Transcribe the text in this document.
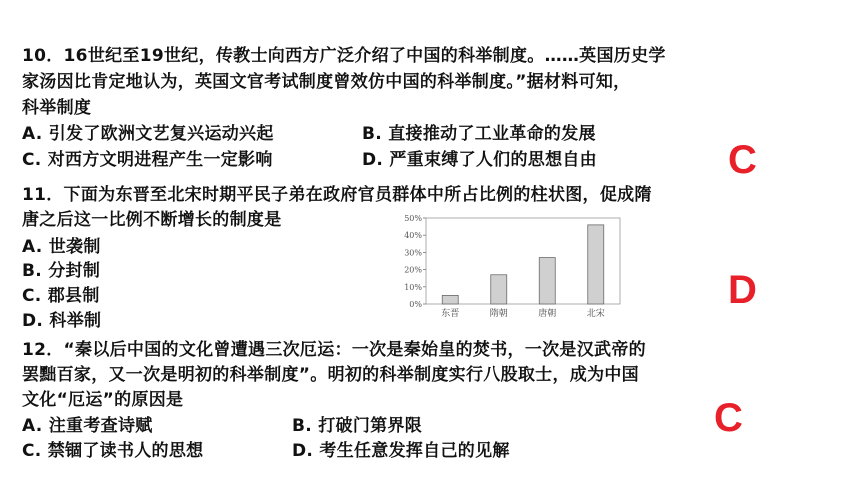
10．16世纪至19世纪，传教士向西方广泛介绍了中国的科举制度。……英国历史学
家汤因比肯定地认为，英国文官考试制度曾效仿中国的科举制度。”据材料可知，
科举制度
A. 引发了欧洲文艺复兴运动兴起	B. 直接推动了工业革命的发展
C. 对西方文明进程产生一定影响	D. 严重束缚了人们的思想自由	C
11．下面为东晋至北宋时期平民子弟在政府官员群体中所占比例的柱状图，促成隋
唐之后这一比例不断增长的制度是
A. 世袭制
B. 分封制
C. 郡县制
D. 科举制
D
0%
10%
20%
30%
40%
50%
东晋	隋朝	唐朝	北宋
12．“秦以后中国的文化曾遭遇三次厄运：一次是秦始皇的焚书，一次是汉武帝的
罢黜百家，又一次是明初的科举制度”。明初的科举制度实行八股取士，成为中国
文化“厄运”的原因是
A. 注重考查诗赋	B. 打破门第界限
C. 禁锢了读书人的思想	D. 考生任意发挥自己的见解
C
